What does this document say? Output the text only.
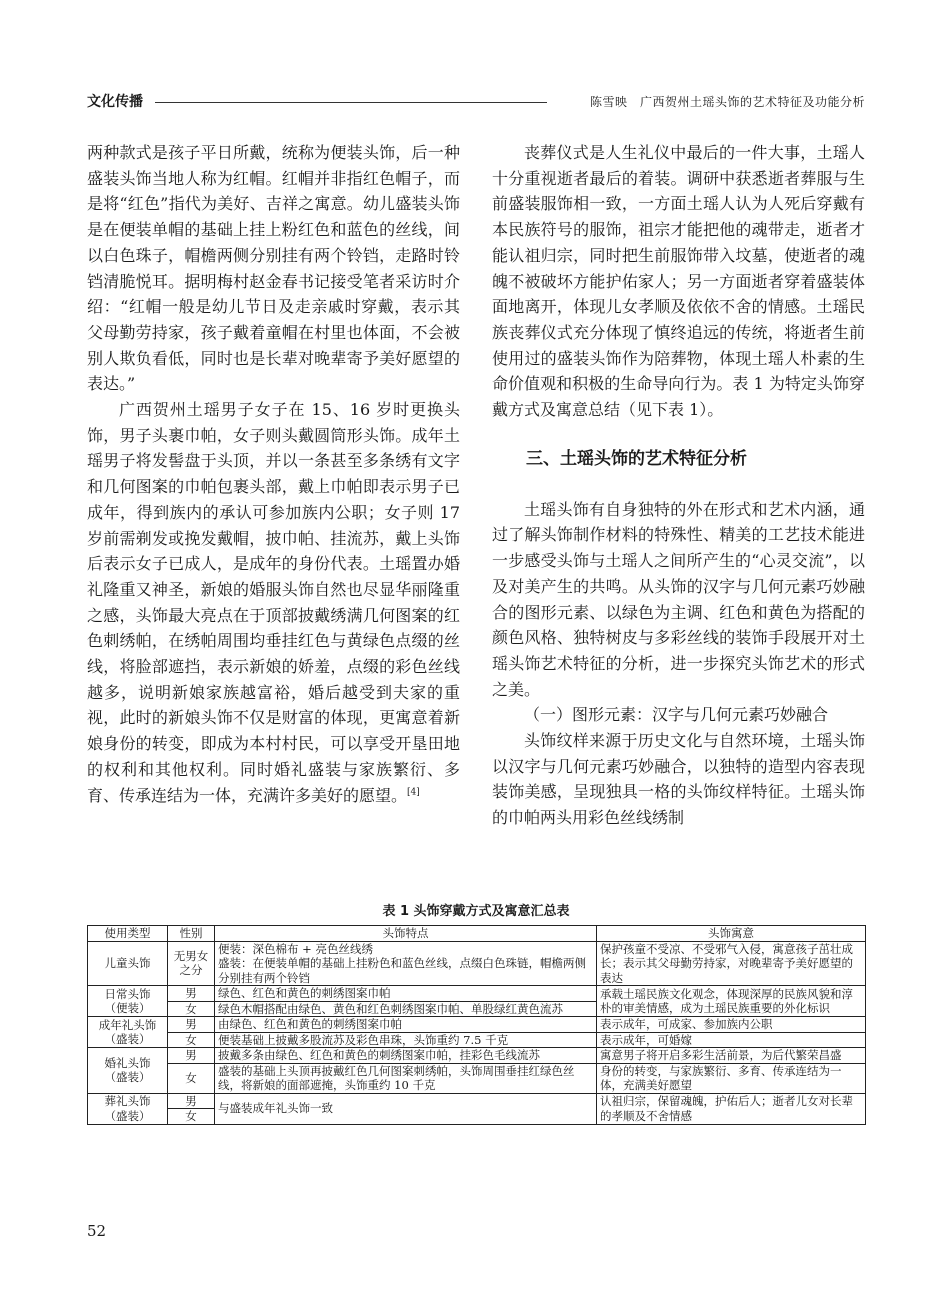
文化传播	陈雪映　广西贺州土瑶头饰的艺术特征及功能分析

两种款式是孩子平日所戴，统称为便装头饰，后一种盛装头饰当地人称为红帽。红帽并非指红色帽子，而是将“红色”指代为美好、吉祥之寓意。幼儿盛装头饰是在便装单帽的基础上挂上粉红色和蓝色的丝线，间以白色珠子，帽檐两侧分别挂有两个铃铛，走路时铃铛清脆悦耳。据明梅村赵金春书记接受笔者采访时介绍：“红帽一般是幼儿节日及走亲戚时穿戴，表示其父母勤劳持家，孩子戴着童帽在村里也体面，不会被别人欺负看低，同时也是长辈对晚辈寄予美好愿望的表达。”

广西贺州土瑶男子女子在 15、16 岁时更换头饰，男子头裹巾帕，女子则头戴圆筒形头饰。成年土瑶男子将发髻盘于头顶，并以一条甚至多条绣有文字和几何图案的巾帕包裹头部，戴上巾帕即表示男子已成年，得到族内的承认可参加族内公职；女子则 17 岁前需剃发或挽发戴帽，披巾帕、挂流苏，戴上头饰后表示女子已成人，是成年的身份代表。土瑶置办婚礼隆重又神圣，新娘的婚服头饰自然也尽显华丽隆重之感，头饰最大亮点在于顶部披戴绣满几何图案的红色刺绣帕，在绣帕周围均垂挂红色与黄绿色点缀的丝线，将脸部遮挡，表示新娘的娇羞，点缀的彩色丝线越多，说明新娘家族越富裕，婚后越受到夫家的重视，此时的新娘头饰不仅是财富的体现，更寓意着新娘身份的转变，即成为本村村民，可以享受开垦田地的权利和其他权利。同时婚礼盛装与家族繁衍、多育、传承连结为一体，充满许多美好的愿望。[4]

丧葬仪式是人生礼仪中最后的一件大事，土瑶人十分重视逝者最后的着装。调研中获悉逝者葬服与生前盛装服饰相一致，一方面土瑶人认为人死后穿戴有本民族符号的服饰，祖宗才能把他的魂带走，逝者才能认祖归宗，同时把生前服饰带入坟墓，使逝者的魂魄不被破坏方能护佑家人；另一方面逝者穿着盛装体面地离开，体现儿女孝顺及依依不舍的情感。土瑶民族丧葬仪式充分体现了慎终追远的传统，将逝者生前使用过的盛装头饰作为陪葬物，体现土瑶人朴素的生命价值观和积极的生命导向行为。表 1 为特定头饰穿戴方式及寓意总结（见下表 1）。

三、土瑶头饰的艺术特征分析

土瑶头饰有自身独特的外在形式和艺术内涵，通过了解头饰制作材料的特殊性、精美的工艺技术能进一步感受头饰与土瑶人之间所产生的“心灵交流”，以及对美产生的共鸣。从头饰的汉字与几何元素巧妙融合的图形元素、以绿色为主调、红色和黄色为搭配的颜色风格、独特树皮与多彩丝线的装饰手段展开对土瑶头饰艺术特征的分析，进一步探究头饰艺术的形式之美。

（一）图形元素：汉字与几何元素巧妙融合

头饰纹样来源于历史文化与自然环境，土瑶头饰以汉字与几何元素巧妙融合，以独特的造型内容表现装饰美感，呈现独具一格的头饰纹样特征。土瑶头饰的巾帕两头用彩色丝线绣制

表 1 头饰穿戴方式及寓意汇总表
使用类型	性别	头饰特点	头饰寓意
儿童头饰	无男女之分	便装：深色棉布 + 亮色丝线绣
盛装：在便装单帽的基础上挂粉色和蓝色丝线，点缀白色珠链，帽檐两侧分别挂有两个铃铛	保护孩童不受凉、不受邪气入侵，寓意孩子茁壮成长；表示其父母勤劳持家，对晚辈寄予美好愿望的表达
日常头饰
（便装）	男	绿色、红色和黄色的刺绣图案巾帕	承载土瑶民族文化观念，体现深厚的民族风貌和淳朴的审美情感，成为土瑶民族重要的外化标识
	女	绿色木帽搭配由绿色、黄色和红色刺绣图案巾帕、单股绿红黄色流苏	
成年礼头饰
（盛装）	男	由绿色、红色和黄色的刺绣图案巾帕	表示成年，可成家、参加族内公职
	女	便装基础上披戴多股流苏及彩色串珠，头饰重约 7.5 千克	表示成年，可婚嫁
婚礼头饰
（盛装）	男	披戴多条由绿色、红色和黄色的刺绣图案巾帕，挂彩色毛线流苏	寓意男子将开启多彩生活前景，为后代繁荣昌盛
	女	盛装的基础上头顶再披戴红色几何图案刺绣帕，头饰周围垂挂红绿色丝线，将新娘的面部遮掩，头饰重约 10 千克	身份的转变，与家族繁衍、多育、传承连结为一体，充满美好愿望
葬礼头饰
（盛装）	男	与盛装成年礼头饰一致	认祖归宗，保留魂魄，护佑后人；逝者儿女对长辈的孝顺及不舍情感
	女		
52
